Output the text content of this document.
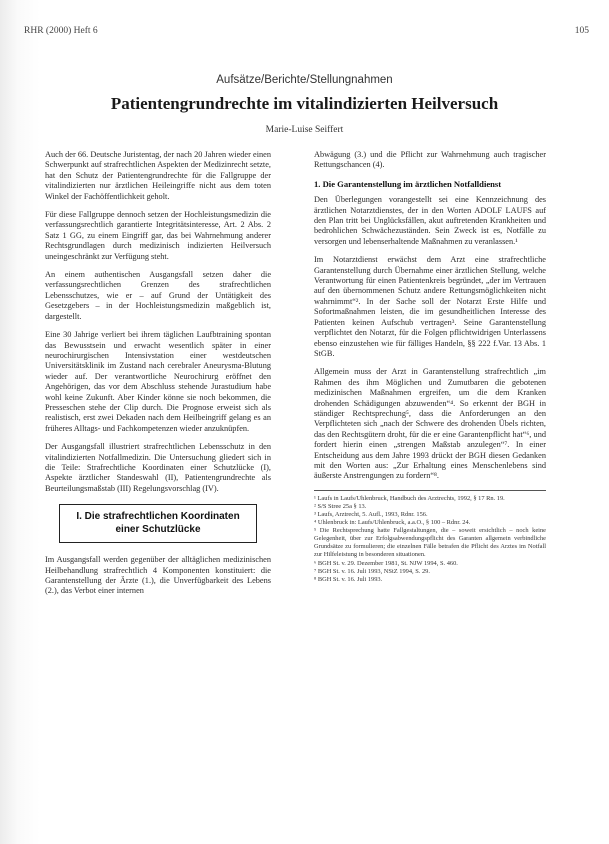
RHR (2000) Heft 6	105
Aufsätze/Berichte/Stellungnahmen
Patientengrundrechte im vitalindizierten Heilversuch
Marie-Luise Seiffert

Auch der 66. Deutsche Juristentag, der nach 20 Jahren wieder einen Schwerpunkt auf strafrechtlichen Aspekten der Medizinrecht setzte, hat den Schutz der Patientengrundrechte für die Fallgruppe der vitalindizierten nur ärztlichen Heileingriffe nicht aus dem toten Winkel der Fachöffentlichkeit geholt.

Für diese Fallgruppe dennoch setzen der Hochleistungsmedizin die verfassungsrechtlich garantierte Integritätsinteresse, Art. 2 Abs. 2 Satz 1 GG, zu einem Eingriff gar, das bei Wahrnehmung anderer Rechtsgrundlagen durch medizinisch indizierten Heilversuch uneingeschränkt zur Verfügung steht.

An einem authentischen Ausgangsfall setzen daher die verfassungsrechtlichen Grenzen des strafrechtlichen Lebensschutzes, wie er – auf Grund der Untätigkeit des Gesetzgebers – in der Hochleistungsmedizin maßgeblich ist, dargestellt.

Eine 30 Jahrige verliert bei ihrem täglichen Laufbtraining spontan das Bewusstsein und erwacht wesentlich später in einer neurochirurgischen Intensivstation einer westdeutschen Universitätsklinik im Zustand nach cerebraler Aneurysma-Blutung wieder auf. Der verantwortliche Neurochirurg eröffnet den Angehörigen, das vor dem Abschluss stehende Jurastudium habe wohl keine Zukunft. Aber Kinder könne sie noch bekommen, die Presseschen stehe der Clip durch. Die Prognose erweist sich als realistisch, erst zwei Dekaden nach dem Heilbeingriff gelang es an früheres Alltags- und Fachkompetenzen wieder anzuknüpfen.

Der Ausgangsfall illustriert strafrechtlichen Lebensschutz in den vitalindizierten Notfallmedizin. Die Untersuchung gliedert sich in die Teile: Strafrechtliche Koordinaten einer Schutzlücke (I), Aspekte ärztlicher Standeswahl (II), Patientengrundrechte als Beurteilungsmaßstab (III) Regelungsvorschlag (IV).

I. Die strafrechtlichen Koordinaten einer Schutzlücke

Im Ausgangsfall werden gegenüber der alltäglichen medizinischen Heilbehandlung strafrechtlich 4 Komponenten konstituiert: die Garantenstellung der Ärzte (1.), die Unverfügbarkeit des Lebens (2.), das Verbot einer internen

Abwägung (3.) und die Pflicht zur Wahrnehmung auch tragischer Rettungschancen (4).

1. Die Garantenstellung im ärztlichen Notfalldienst

Den Überlegungen vorangestellt sei eine Kennzeichnung des ärztlichen Notarztdienstes, der in den Worten ADOLF LAUFS auf den Plan tritt bei Unglücksfällen, akut auftretenden Krankheiten und bedrohlichen Schwächezuständen. Sein Zweck ist es, Notfälle zu versorgen und lebenserhaltende Maßnahmen zu veranlassen.¹

Im Notarztdienst erwächst dem Arzt eine strafrechtliche Garantenstellung durch Übernahme einer ärztlichen Stellung, welche Verantwortung für einen Patientenkreis begründet, „der im Vertrauen auf den übernommenen Schutz andere Rettungsmöglichkeiten nicht wahrnimmt“². In der Sache soll der Notarzt Erste Hilfe und Sofortmaßnahmen leisten, die im gesundheitlichen Interesse des Patienten keinen Aufschub vertragen³. Seine Garantenstellung verpflichtet den Notarzt, für die Folgen pflichtwidrigen Unterlassens ebenso einzustehen wie für fälliges Handeln, §§ 222 f.Var. 13 Abs. 1 StGB.

Allgemein muss der Arzt in Garantenstellung strafrechtlich „im Rahmen des ihm Möglichen und Zumutbaren die gebotenen medizinischen Maßnahmen ergreifen, um die dem Kranken drohenden Schädigungen abzuwenden“⁴. So erkennt der BGH in ständiger Rechtsprechung⁵, dass die Anforderungen an den Verpflichteten sich „nach der Schwere des drohenden Übels richten, das den Rechtsgütern droht, für die er eine Garantenpflicht hat“⁶, und fordert hierin einen „strengen Maßstab anzulegen“⁷. In einer Entscheidung aus dem Jahre 1993 drückt der BGH diesen Gedanken mit den Worten aus: „Zur Erhaltung eines Menschenlebens sind äußerste Anstrengungen zu fordern“⁸.

¹ Laufs in Laufs/Uhlenbruck, Handbuch des Arztrechts, 1992, § 17 Rn. 19.
² S/S Stree 25a § 13.
³ Laufs, Arztrecht, 5. Aufl., 1993, Rdnr. 156.
⁴ Uhlenbruck in: Laufs/Uhlenbruck, a.a.O., § 100 – Rdnr. 24.
⁵ Die Rechtsprechung hatte Fallgestaltungen, die – soweit ersichtlich – noch keine Gelegenheit, über zur Erfolgsabwendungspflicht des Garanten allgemein verbindliche Grundsätze zu formulieren; die einzelnen Fälle betrafen die Pflicht des Arztes im Notfall zur Hilfeleistung in besonderen situationen.
⁶ BGH St. v. 29. Dezember 1981, St. NJW 1994, S. 460.
⁷ BGH St. v. 16. Juli 1993, NStZ 1994, S. 29.
⁸ BGH St. v. 16. Juli 1993.
